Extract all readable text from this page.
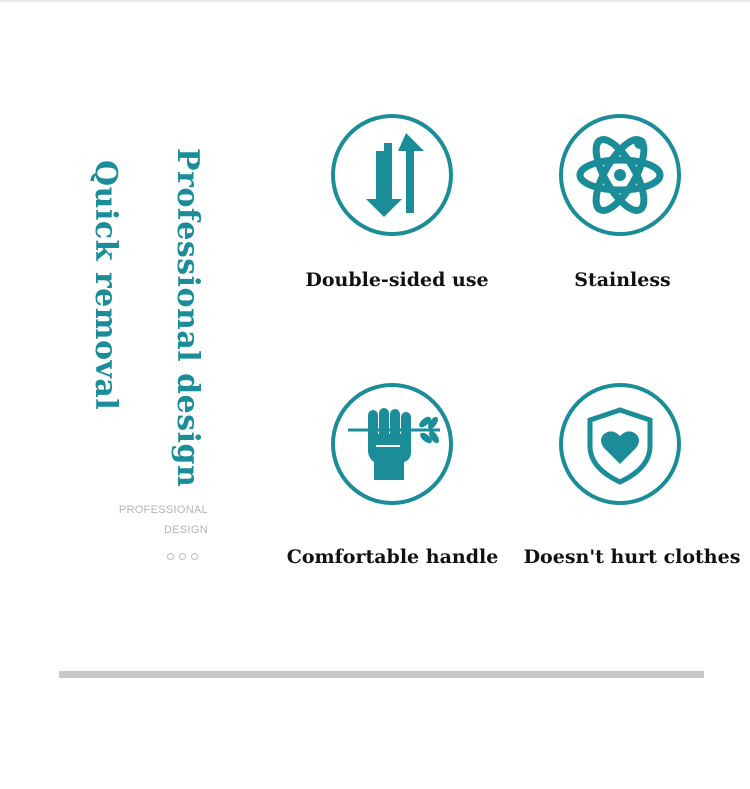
Professional design
Quick removal
PROFESSIONAL
DESIGN
Double-sided use	Stainless
Comfortable handle	Doesn't hurt clothes
